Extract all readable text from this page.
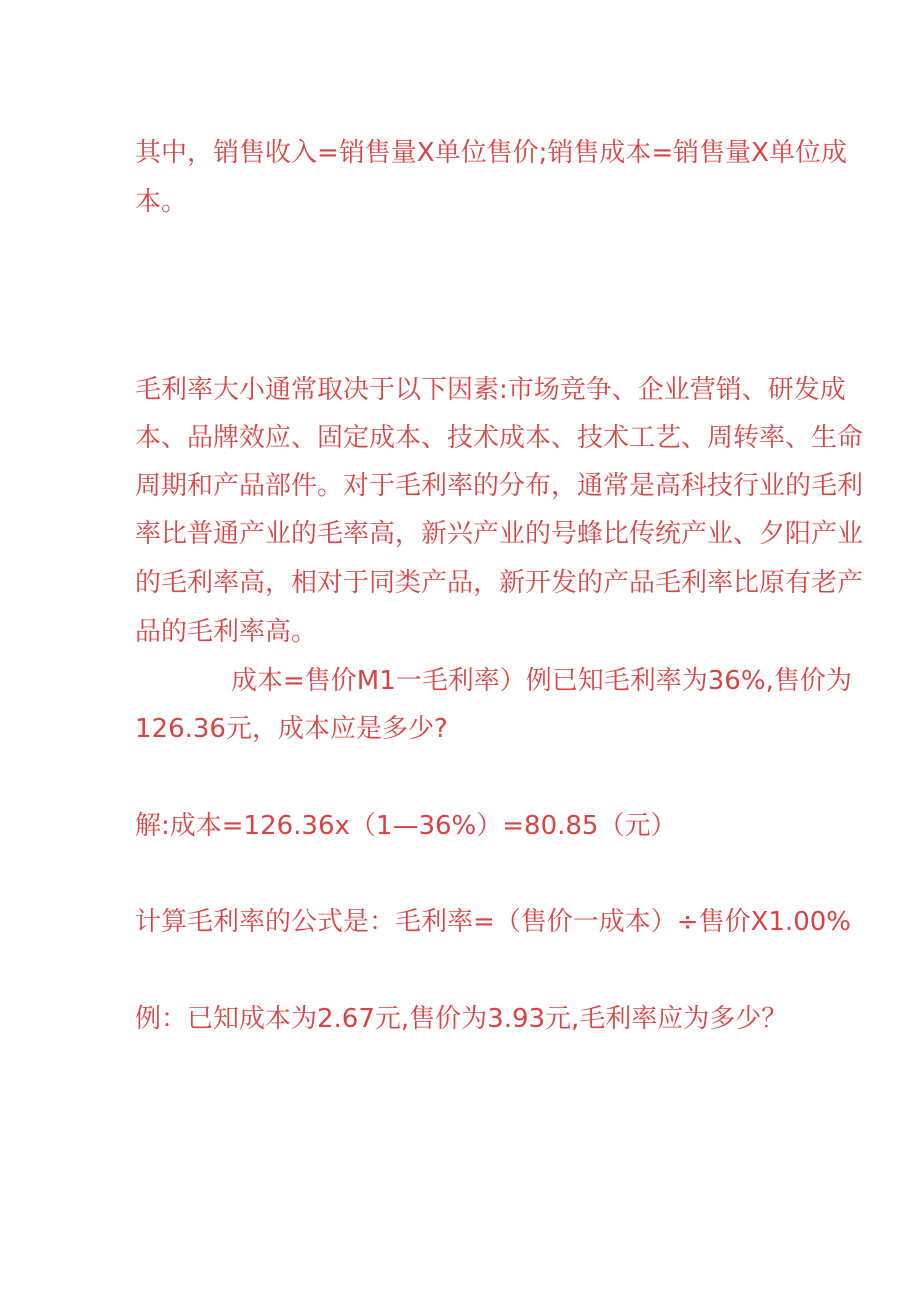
其中，销售收入=销售量X单位售价;销售成本=销售量X单位成
本。
毛利率大小通常取决于以下因素:市场竞争、企业营销、研发成
本、品牌效应、固定成本、技术成本、技术工艺、周转率、生命
周期和产品部件。对于毛利率的分布，通常是高科技行业的毛利
率比普通产业的毛率高，新兴产业的号蜂比传统产业、夕阳产业
的毛利率高，相对于同类产品，新开发的产品毛利率比原有老产
品的毛利率高。
成本=售价M1一毛利率）例已知毛利率为36%,售价为
126.36元，成本应是多少?
解:成本=126.36x（1—36%）=80.85（元）
计算毛利率的公式是：毛利率=（售价一成本）÷售价X1.00%
例：已知成本为2.67元,售价为3.93元,毛利率应为多少？
